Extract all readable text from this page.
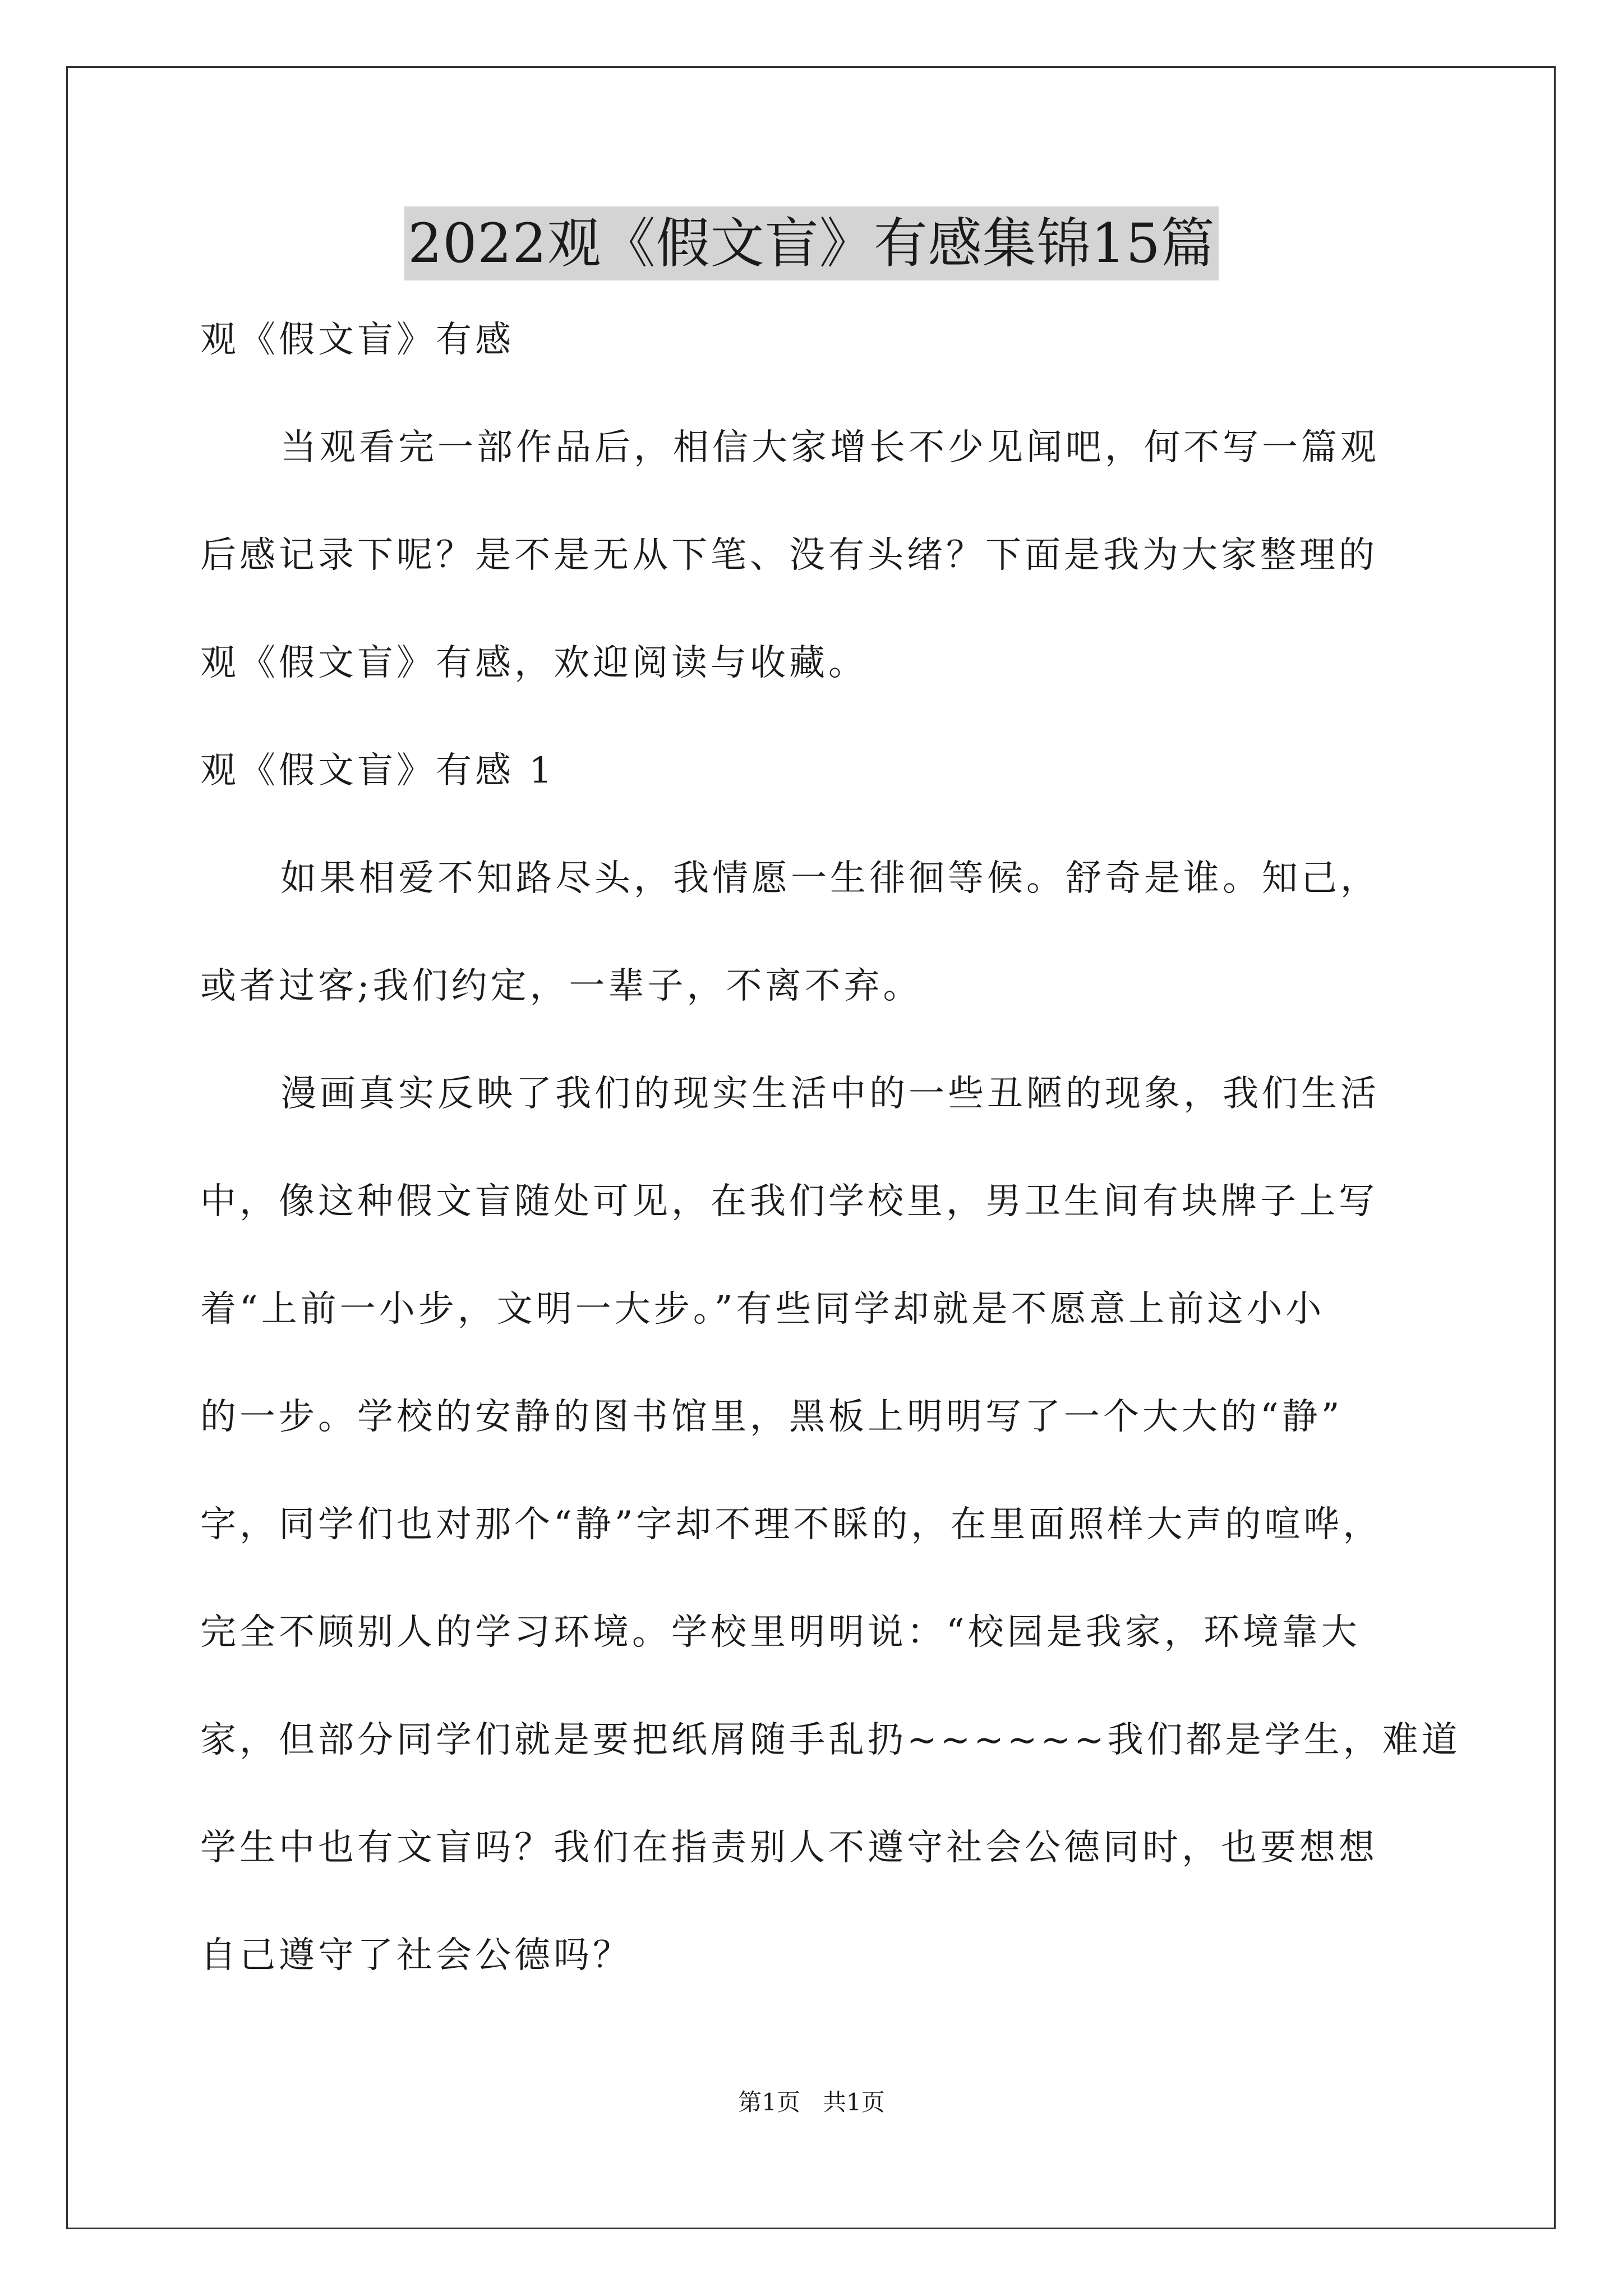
2022观《假文盲》有感集锦15篇
观《假文盲》有感
当观看完一部作品后，相信大家增长不少见闻吧，何不写一篇观
后感记录下呢？是不是无从下笔、没有头绪？下面是我为大家整理的
观《假文盲》有感，欢迎阅读与收藏。
观《假文盲》有感 1
如果相爱不知路尽头，我情愿一生徘徊等候。舒奇是谁。知己，
或者过客;我们约定，一辈子，不离不弃。
漫画真实反映了我们的现实生活中的一些丑陋的现象，我们生活
中，像这种假文盲随处可见，在我们学校里，男卫生间有块牌子上写
着“上前一小步，文明一大步。”有些同学却就是不愿意上前这小小
的一步。学校的安静的图书馆里，黑板上明明写了一个大大的“静”
字，同学们也对那个“静”字却不理不睬的，在里面照样大声的喧哗，
完全不顾别人的学习环境。学校里明明说：“校园是我家，环境靠大
家，但部分同学们就是要把纸屑随手乱扔~~~~~~我们都是学生，难道
学生中也有文盲吗？我们在指责别人不遵守社会公德同时，也要想想
自己遵守了社会公德吗？
第1页   共1页
